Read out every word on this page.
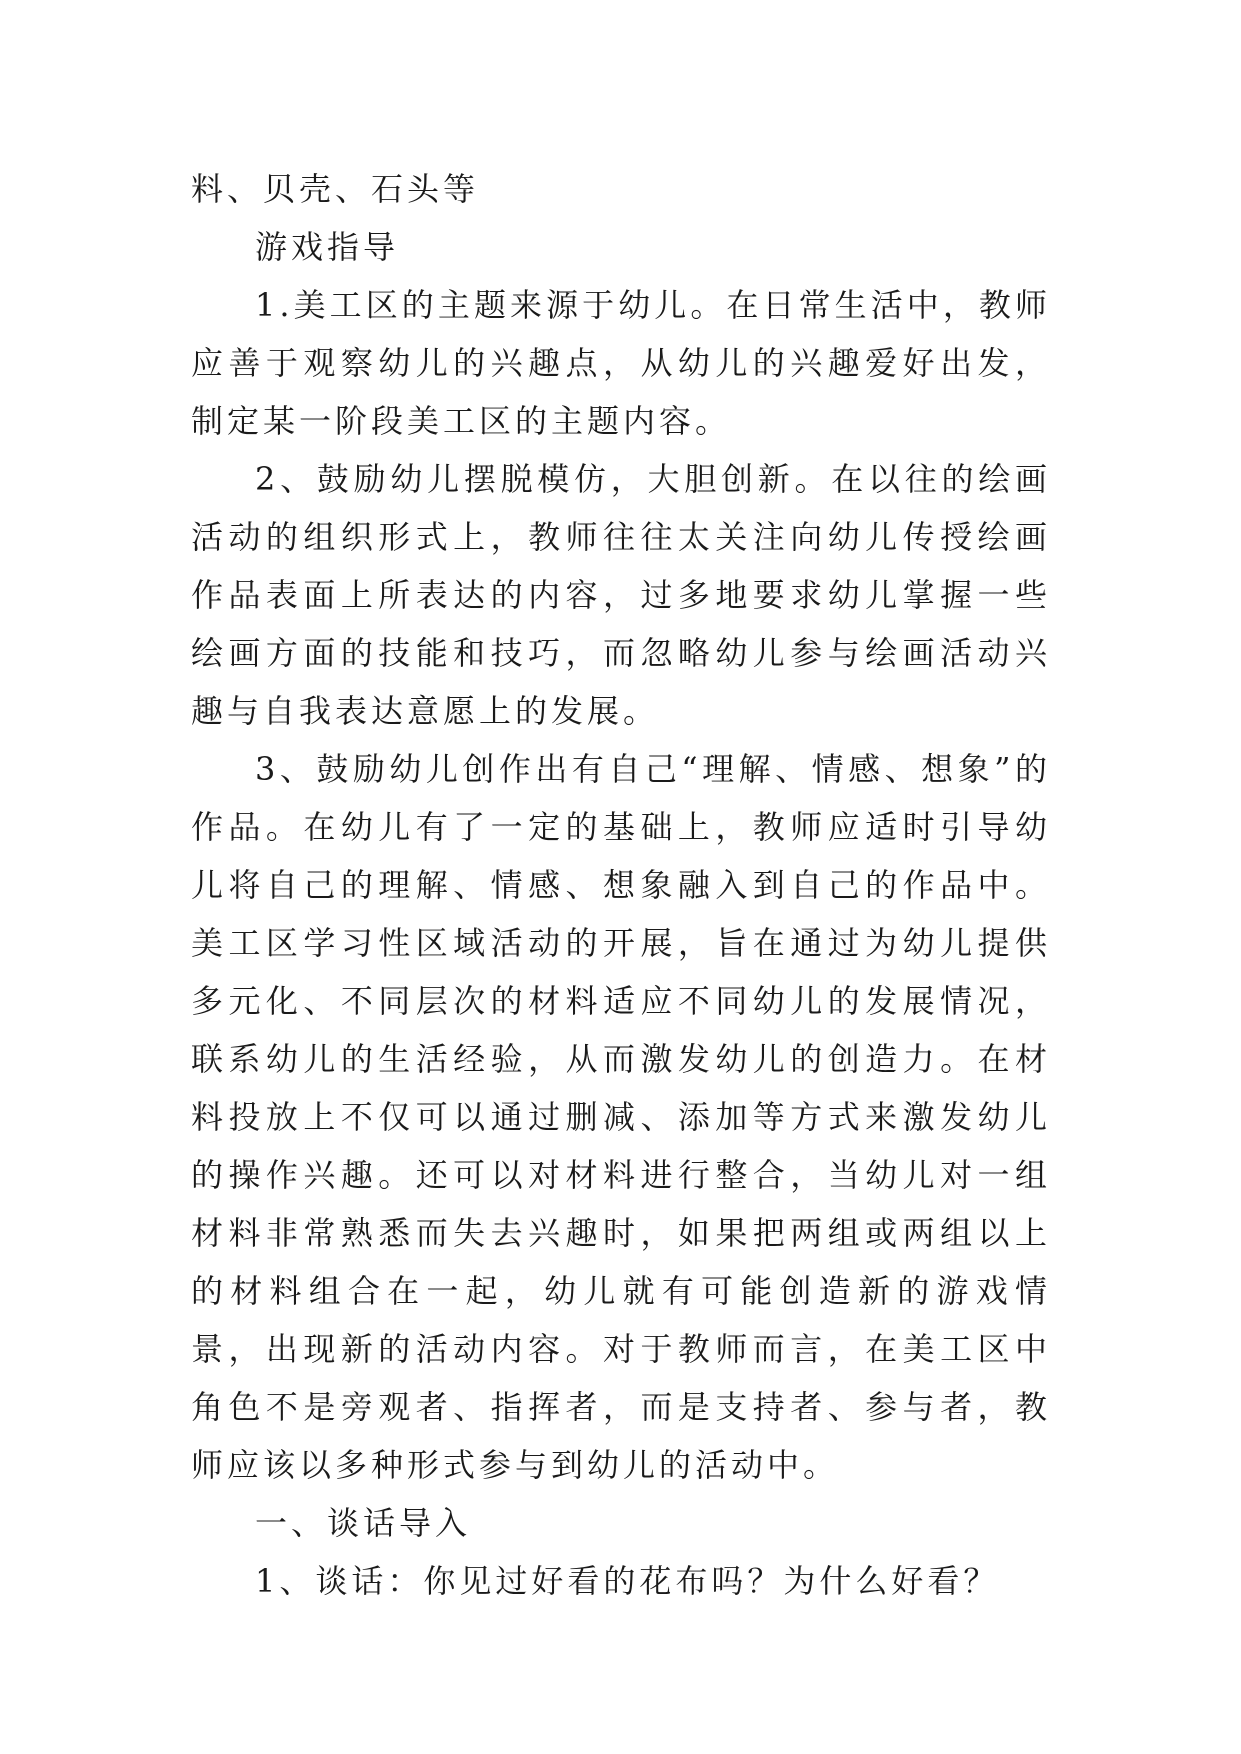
料、贝壳、石头等

游戏指导

1.美工区的主题来源于幼儿。在日常生活中，教师应善于观察幼儿的兴趣点，从幼儿的兴趣爱好出发，制定某一阶段美工区的主题内容。

2、鼓励幼儿摆脱模仿，大胆创新。在以往的绘画活动的组织形式上，教师往往太关注向幼儿传授绘画作品表面上所表达的内容，过多地要求幼儿掌握一些绘画方面的技能和技巧，而忽略幼儿参与绘画活动兴趣与自我表达意愿上的发展。

3、鼓励幼儿创作出有自己“理解、情感、想象”的作品。在幼儿有了一定的基础上，教师应适时引导幼儿将自己的理解、情感、想象融入到自己的作品中。美工区学习性区域活动的开展，旨在通过为幼儿提供多元化、不同层次的材料适应不同幼儿的发展情况，联系幼儿的生活经验，从而激发幼儿的创造力。在材料投放上不仅可以通过删减、添加等方式来激发幼儿的操作兴趣。还可以对材料进行整合，当幼儿对一组材料非常熟悉而失去兴趣时，如果把两组或两组以上的材料组合在一起，幼儿就有可能创造新的游戏情景，出现新的活动内容。对于教师而言，在美工区中角色不是旁观者、指挥者，而是支持者、参与者，教师应该以多种形式参与到幼儿的活动中。

一、谈话导入

1、谈话：你见过好看的花布吗？为什么好看？
